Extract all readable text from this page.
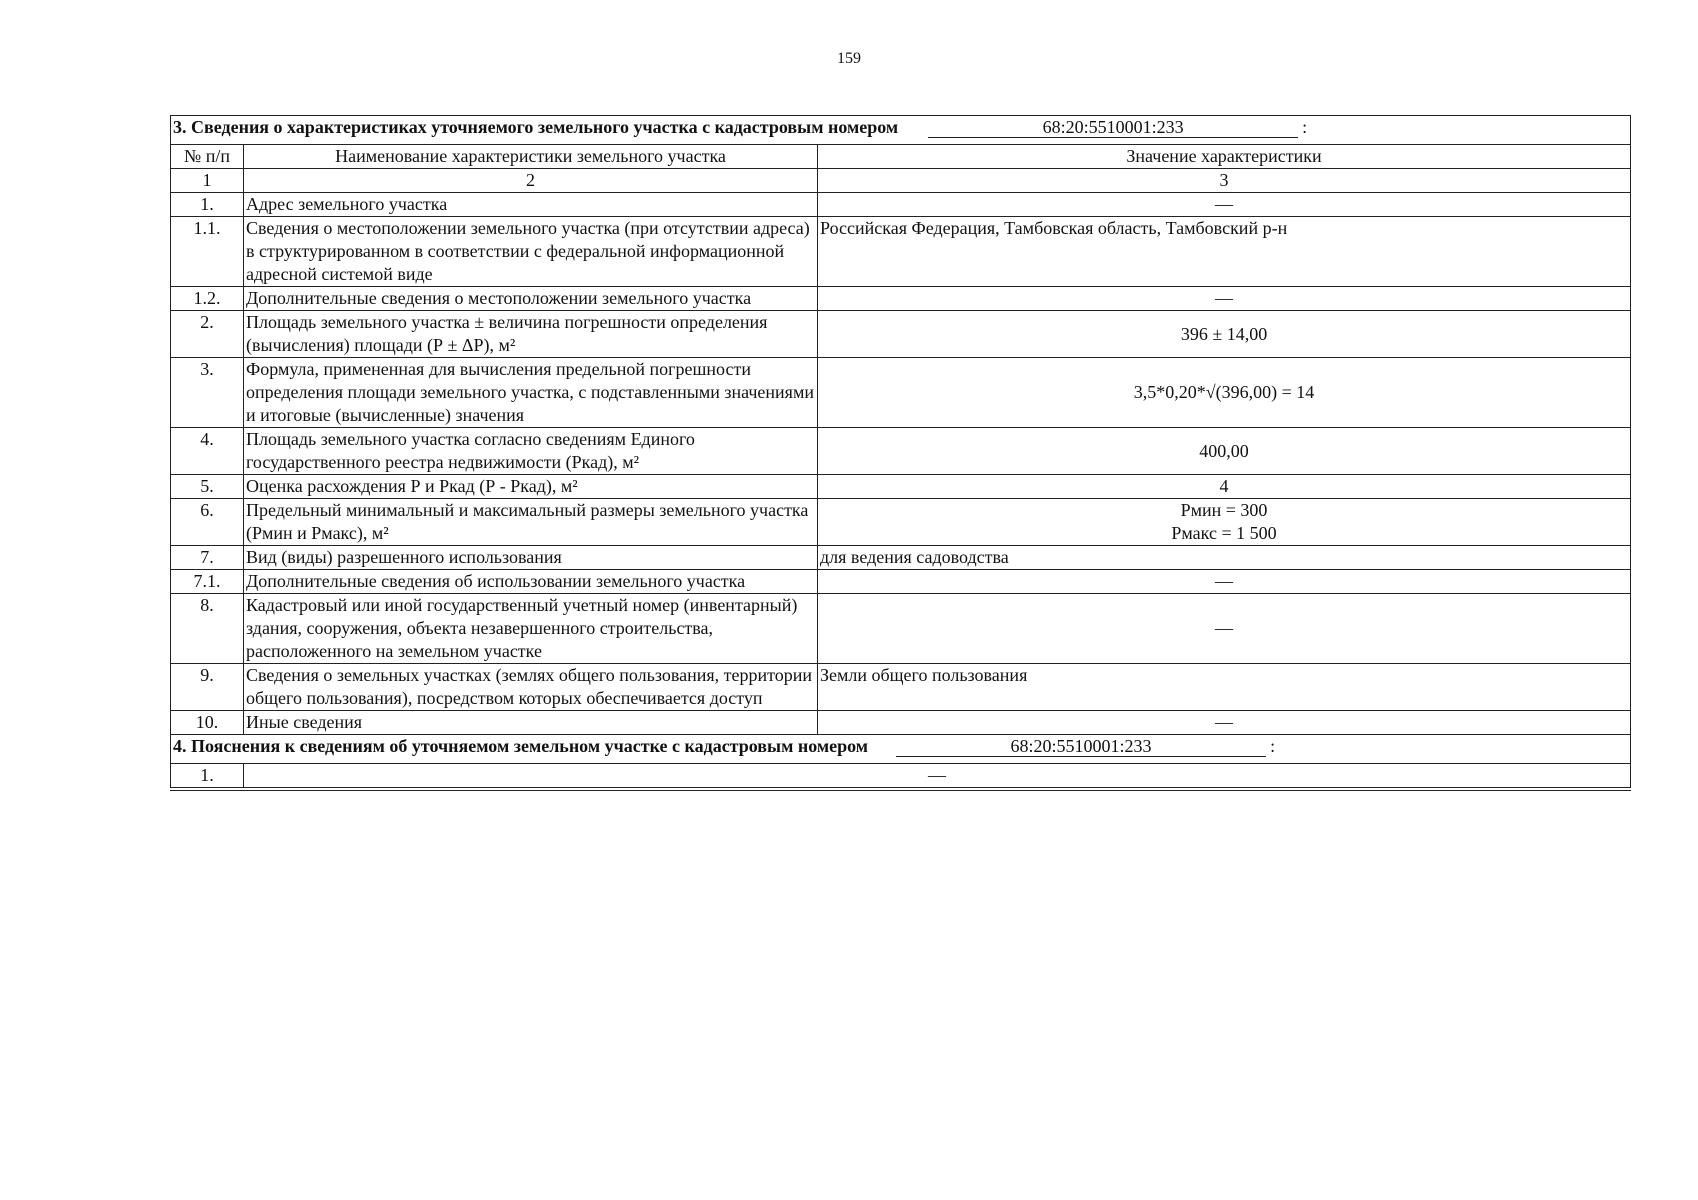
159
3. Сведения о характеристиках уточняемого земельного участка с кадастровым номером 68:20:5510001:233 :		
№ п/п	Наименование характеристики земельного участка	Значение характеристики
1	2	3
1.	Адрес земельного участка	—
1.1.	Сведения о местоположении земельного участка (при отсутствии адреса) в структурированном в соответствии с федеральной информационной адресной системой виде	Российская Федерация, Тамбовская область, Тамбовский р-н
1.2.	Дополнительные сведения о местоположении земельного участка	—
2.	Площадь земельного участка ± величина погрешности определения (вычисления) площади (Р ± ΔР), м²	396 ± 14,00
3.	Формула, примененная для вычисления предельной погрешности определения площади земельного участка, с подставленными значениями и итоговые (вычисленные) значения	3,5*0,20*√(396,00) = 14
4.	Площадь земельного участка согласно сведениям Единого государственного реестра недвижимости (Ркад), м²	400,00
5.	Оценка расхождения Р и Ркад (Р - Ркад), м²	4
6.	Предельный минимальный и максимальный размеры земельного участка (Рмин и Рмакс), м²	Рмин = 300
Рмакс = 1 500

7.	Вид (виды) разрешенного использования	для ведения садоводства
7.1.	Дополнительные сведения об использовании земельного участка	—
8.	Кадастровый или иной государственный учетный номер (инвентарный) здания, сооружения, объекта незавершенного строительства, расположенного на земельном участке	—
9.	Сведения о земельных участках (землях общего пользования, территории общего пользования), посредством которых обеспечивается доступ	Земли общего пользования
10.	Иные сведения	—
4. Пояснения к сведениям об уточняемом земельном участке с кадастровым номером 68:20:5510001:233 :		
1.	—	
